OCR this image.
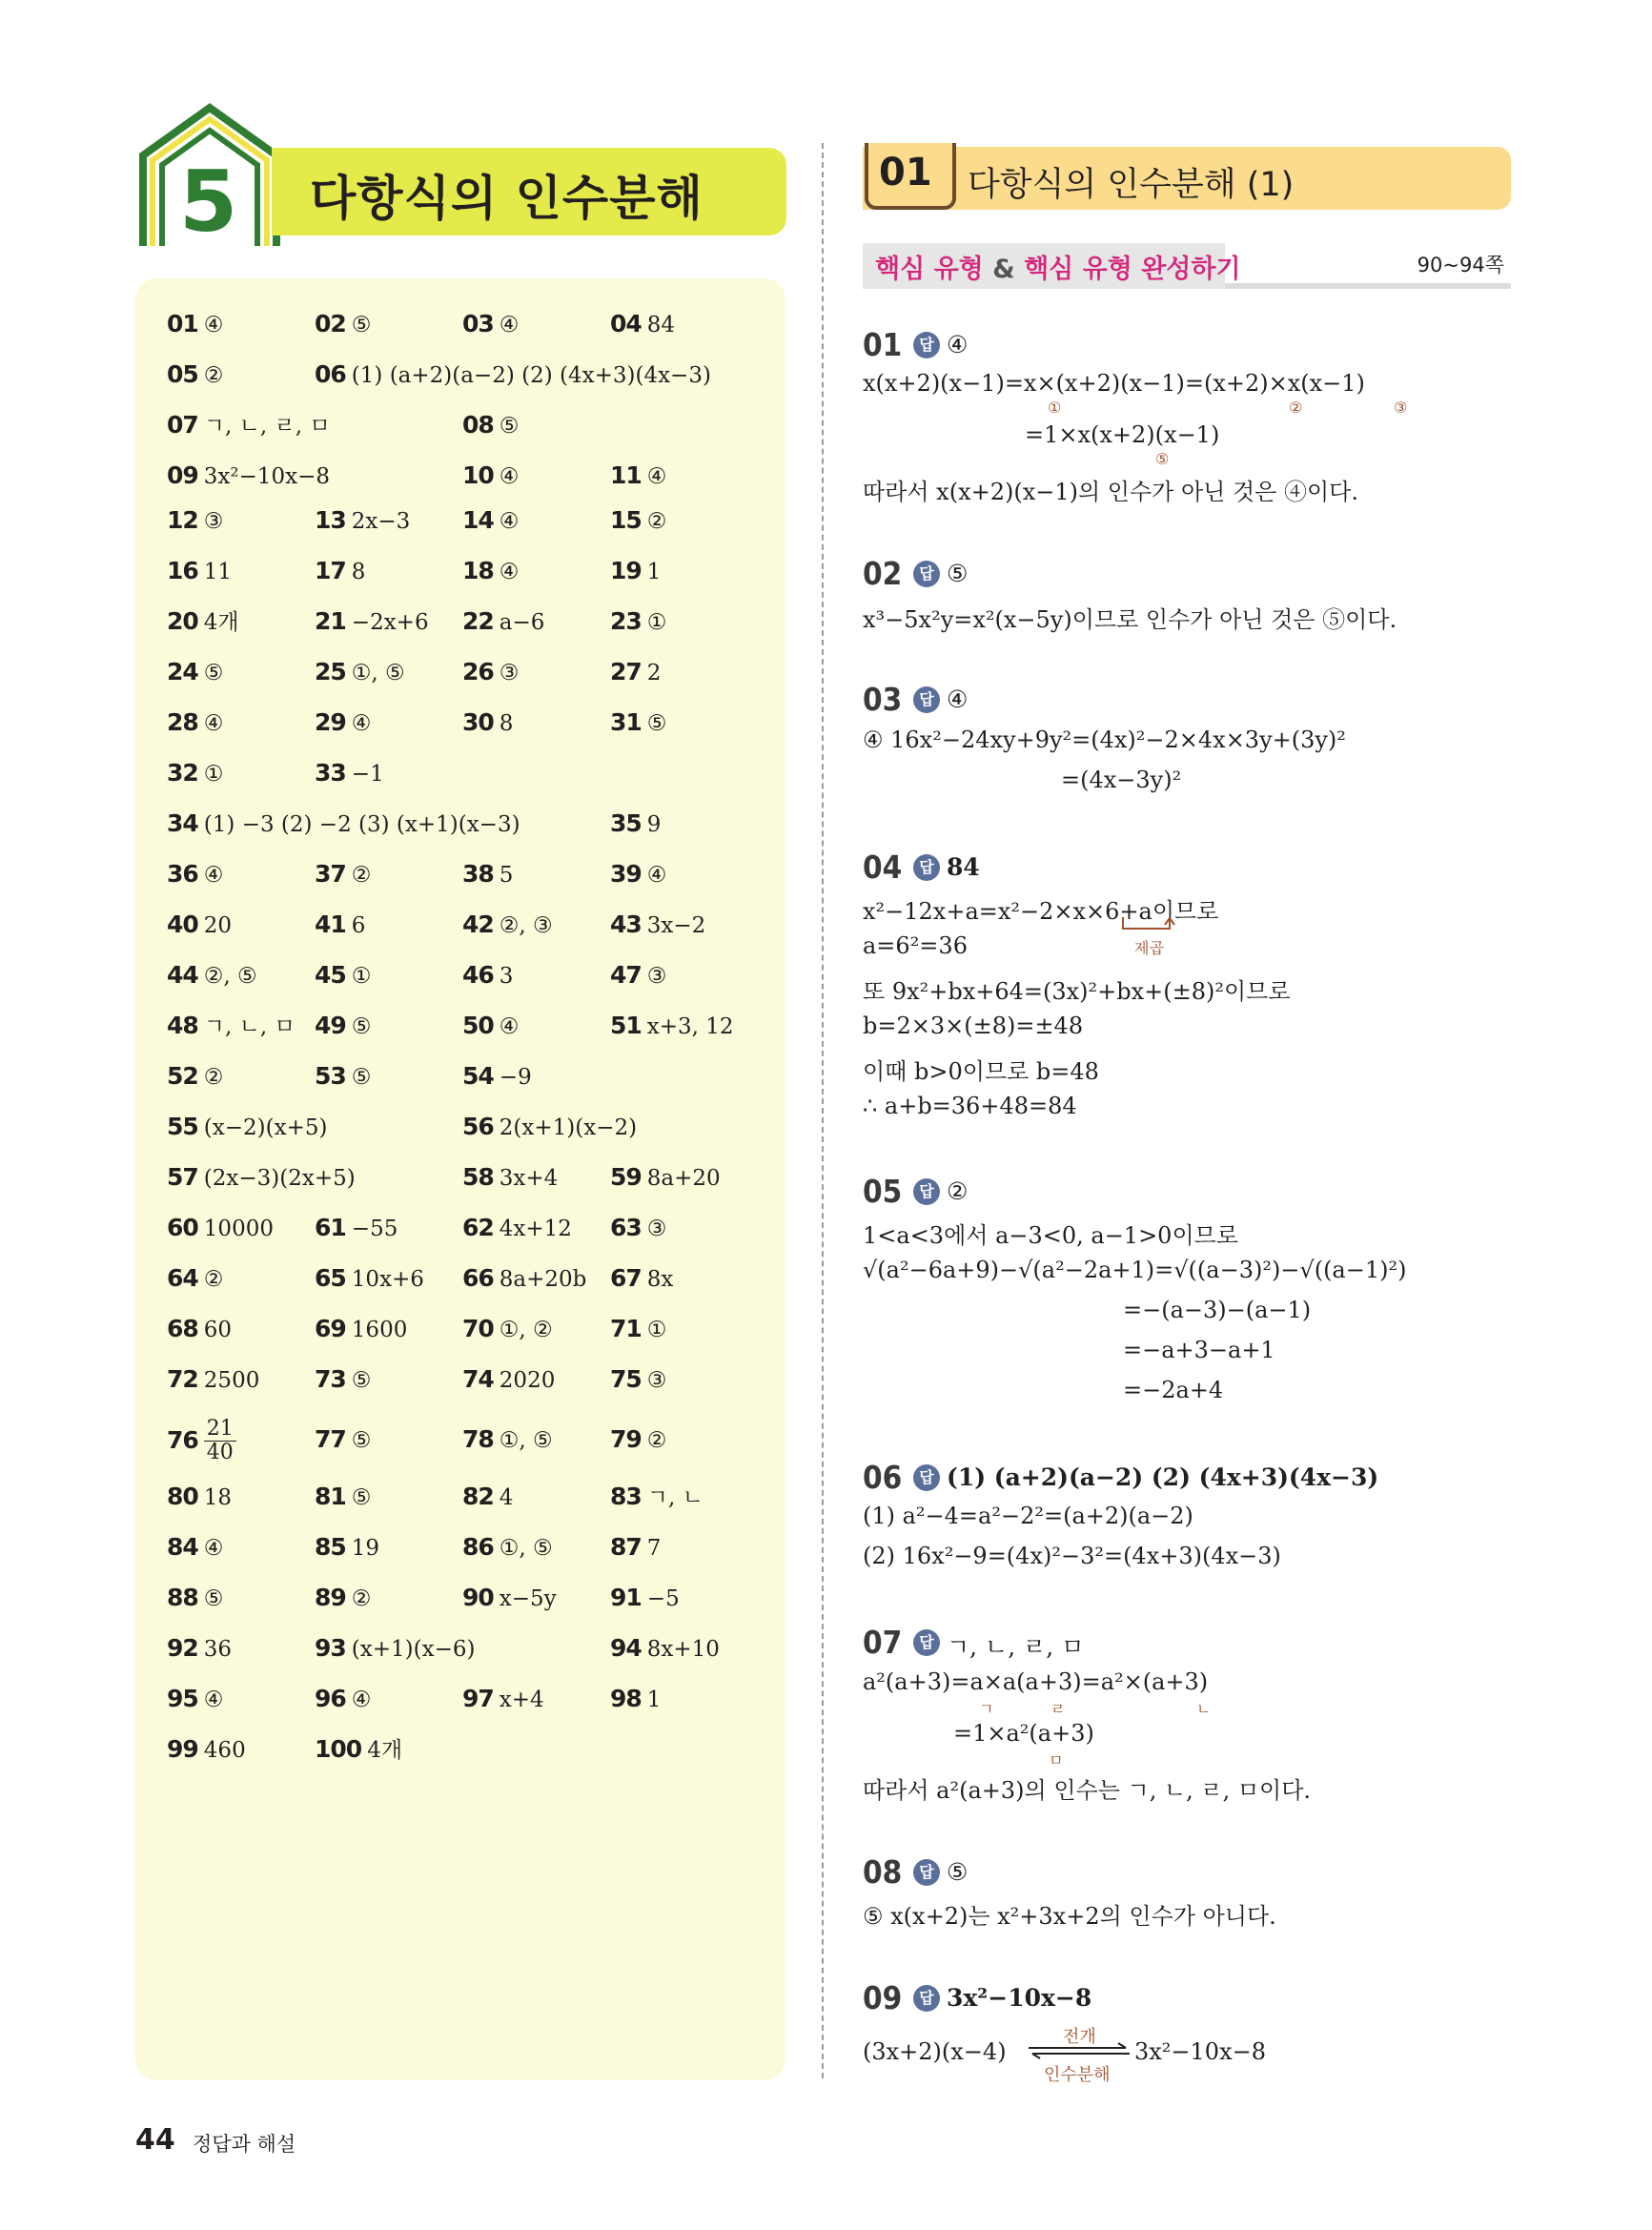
5 다항식의 인수분해
01 ④	02 ⑤	03 ④	04 84
05 ②	06 (1) (a+2)(a−2) (2) (4x+3)(4x−3)
07 ㄱ, ㄴ, ㄹ, ㅁ	08 ⑤
09 3x²−10x−8	10 ④	11 ④
12 ③	13 2x−3 14 ④	15 ②
16 11	17 8	18 ④	19 1
20 4개	21 −2x+6 22 a−6	23 ①
24 ⑤	25 ①, ⑤ 26 ③	27 2
28 ④	29 ④	30 8	31 ⑤
32 ①	33 −1
34 (1) −3 (2) −2 (3) (x+1)(x−3)	35 9
36 ④	37 ②	38 5	39 ④
40 20	41 6	42 ②, ③ 43 3x−2
44 ②, ⑤ 45 ①	46 3	47 ③
48 ㄱ, ㄴ, ㅁ 49 ⑤	50 ④	51 x+3, 12
52 ②	53 ⑤	54 −9
55 (x−2)(x+5)	56 2(x+1)(x−2)
57 (2x−3)(2x+5)	58 3x+4 59 8a+20
60 10000 61 −55	62 4x+12 63 ③
64 ②	65 10x+6 66 8a+20b 67 8x
68 60	69 1600 70 ①, ② 71 ①
72 2500 73 ⑤	74 2020 75 ③
$76 \frac{21}{40}$	77 ⑤	78 ①, ⑤ 79 ②
80 18	81 ⑤	82 4	83 ㄱ, ㄴ
84 ④	85 19	86 ①, ⑤ 87 7
88 ⑤	89 ②	90 x−5y 91 −5
92 36	93 (x+1)(x−6)	94 8x+10
95 ④	96 ④	97 x+4	98 1
99 460	100 4개
01 다항식의 인수분해 (1)
핵심 유형 & 핵심 유형 완성하기	90~94쪽
01	답 ④
x(x+2)(x−1)=x×(x+2)(x−1)=(x+2)×x(x−1)
①	②	③
=1×x(x+2)(x−1)
⑤
따라서 x(x+2)(x−1)의 인수가 아닌 것은 ④이다.
02	답 ⑤
x³−5x²y=x²(x−5y)이므로 인수가 아닌 것은 ⑤이다.
03	답 ④
④ 16x²−24xy+9y²=(4x)²−2×4x×3y+(3y)²
=(4x−3y)²
04	답 84
x²−12x+a=x²−2×x×6+a이므로
제곱
a=6²=36
또 9x²+bx+64=(3x)²+bx+(±8)²이므로
b=2×3×(±8)=±48
이때 b>0이므로 b=48
∴ a+b=36+48=84
05	답 ②
1<a<3에서 a−3<0, a−1>0이므로
√(a²−6a+9)−√(a²−2a+1)=√((a−3)²)−√((a−1)²)
=−(a−3)−(a−1)
=−a+3−a+1
=−2a+4
06	답 (1) (a+2)(a−2) (2) (4x+3)(4x−3)
(1) a²−4=a²−2²=(a+2)(a−2)
(2) 16x²−9=(4x)²−3²=(4x+3)(4x−3)
07	답 ㄱ, ㄴ, ㄹ, ㅁ
a²(a+3)=a×a(a+3)=a²×(a+3)
ㄱ	ㄹ	ㄴ
=1×a²(a+3)
ㅁ
따라서 a²(a+3)의 인수는 ㄱ, ㄴ, ㄹ, ㅁ이다.
08	답 ⑤
⑤ x(x+2)는 x²+3x+2의 인수가 아니다.
09	답 3x²−10x−8
(3x+2)(x−4)
전개
인수분해
3x²−10x−8
44 정답과 해설
